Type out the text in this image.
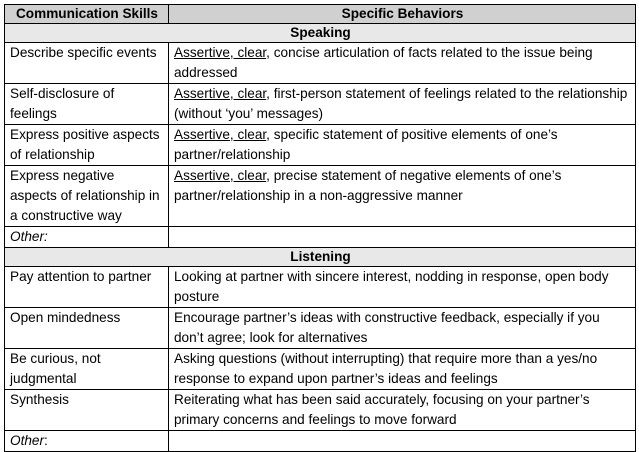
Communication Skills	Specific Behaviors
Speaking	
Describe specific events	Assertive, clear, concise articulation of facts related to the issue being addressed
Self-disclosure of feelings	Assertive, clear, first-person statement of feelings related to the relationship (without ‘you’ messages)
Express positive aspects of relationship	Assertive, clear, specific statement of positive elements of one’s partner/relationship
Express negative aspects of relationship in a constructive way	Assertive, clear, precise statement of negative elements of one’s partner/relationship in a non-aggressive manner
Other:	
Listening	
Pay attention to partner	Looking at partner with sincere interest, nodding in response, open body posture
Open mindedness	Encourage partner’s ideas with constructive feedback, especially if you don’t agree; look for alternatives
Be curious, not judgmental	Asking questions (without interrupting) that require more than a yes/no response to expand upon partner’s ideas and feelings
Synthesis	Reiterating what has been said accurately, focusing on your partner’s primary concerns and feelings to move forward
Other:	
